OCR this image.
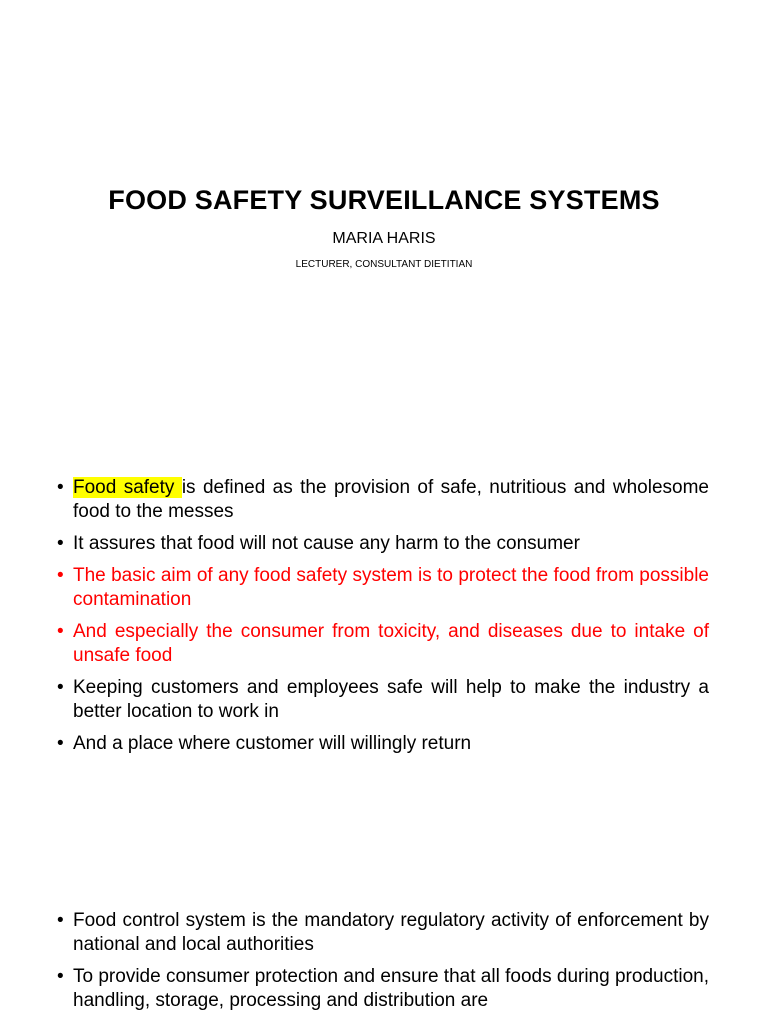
FOOD SAFETY SURVEILLANCE SYSTEMS
MARIA HARIS
LECTURER, CONSULTANT DIETITIAN
• Food safety is defined as the provision of safe, nutritious and wholesome food to the messes
• It assures that food will not cause any harm to the consumer
• The basic aim of any food safety system is to protect the food from possible contamination
• And especially the consumer from toxicity, and diseases due to intake of unsafe food
• Keeping customers and employees safe will help to make the industry a better location to work in
• And a place where customer will willingly return
• Food control system is the mandatory regulatory activity of enforcement by national and local authorities
• To provide consumer protection and ensure that all foods during production, handling, storage, processing and distribution are
